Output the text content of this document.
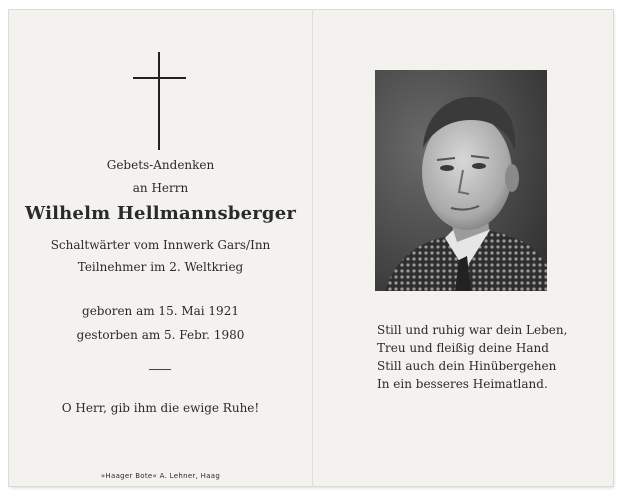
Gebets-Andenken
an Herrn
Wilhelm Hellmannsberger
Schaltwärter vom Innwerk Gars/Inn
Teilnehmer im 2. Weltkrieg
geboren am 15. Mai 1921
gestorben am 5. Febr. 1980
O Herr, gib ihm die ewige Ruhe!
»Haager Bote« A. Lehner, Haag
Still und ruhig war dein Leben,
Treu und fleißig deine Hand
Still auch dein Hinübergehen
In ein besseres Heimatland.
